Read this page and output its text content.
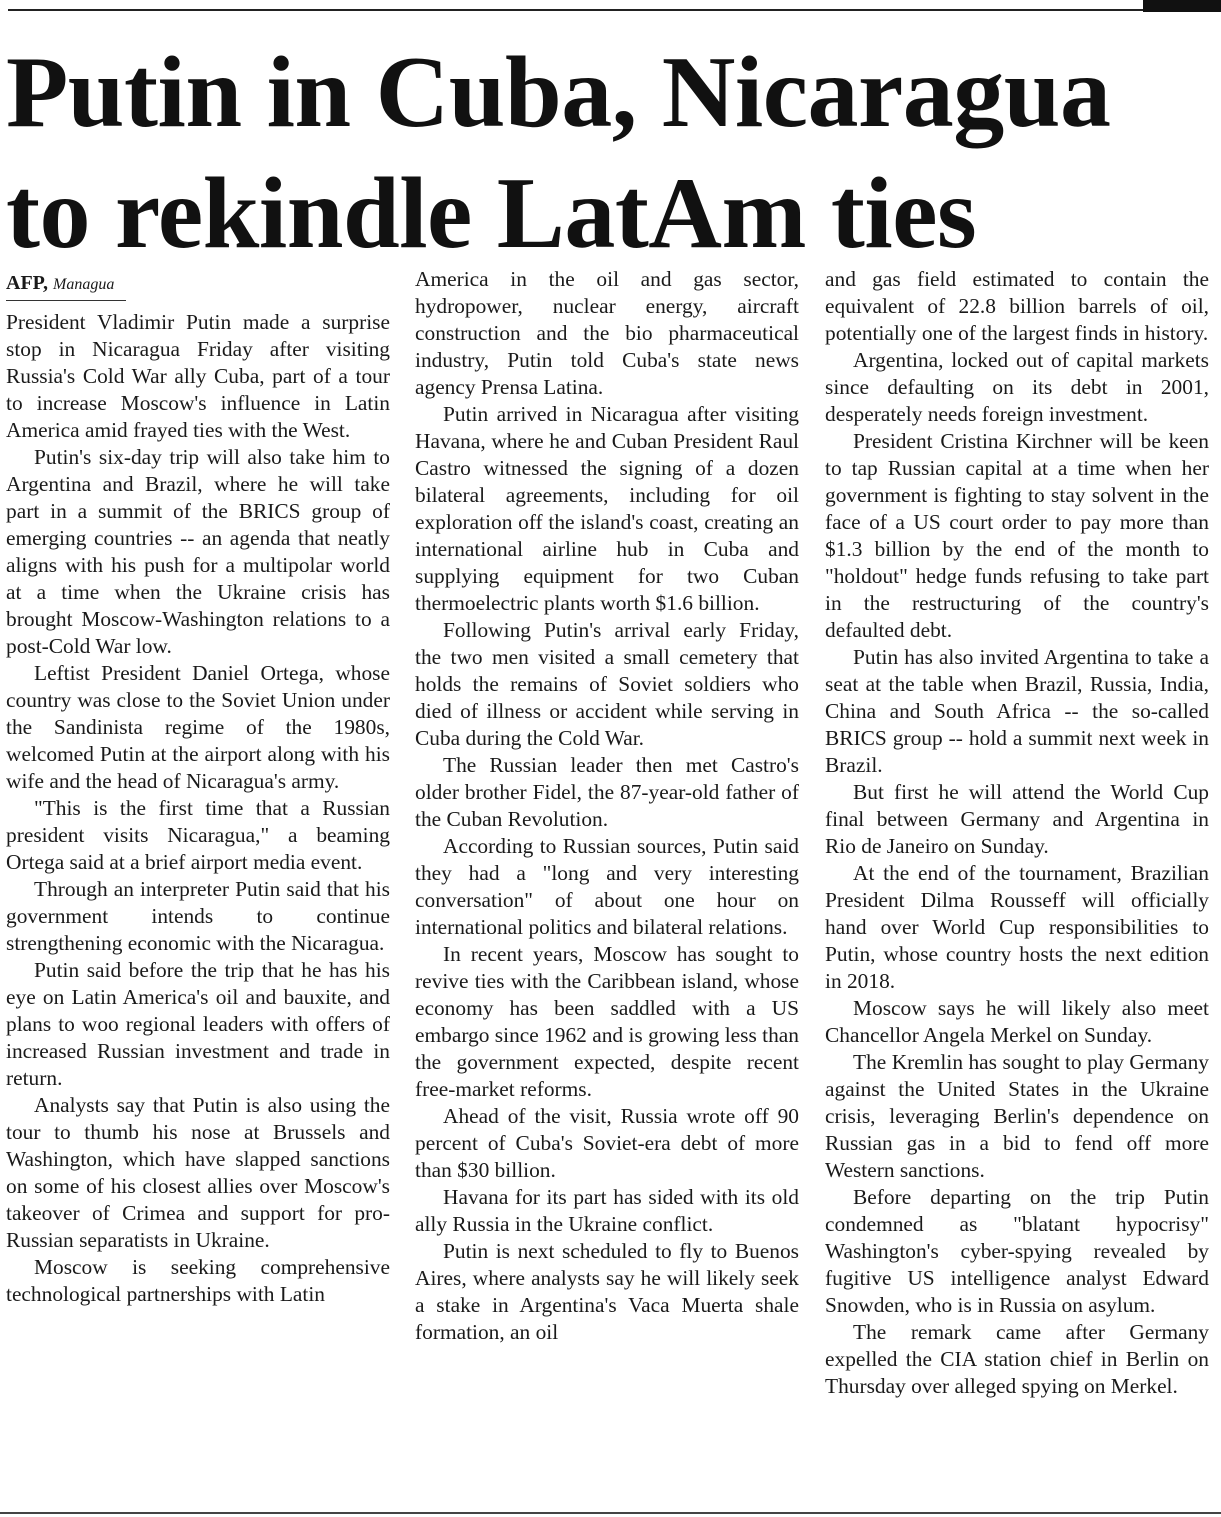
Putin in Cuba, Nicaragua to rekindle LatAm ties
AFP, Managua

President Vladimir Putin made a surprise stop in Nicaragua Friday after visiting Russia's Cold War ally Cuba, part of a tour to increase Moscow's influence in Latin America amid frayed ties with the West.

Putin's six-day trip will also take him to Argentina and Brazil, where he will take part in a summit of the BRICS group of emerging countries -- an agenda that neatly aligns with his push for a multipolar world at a time when the Ukraine crisis has brought Moscow-Washington relations to a post-Cold War low.

Leftist President Daniel Ortega, whose country was close to the Soviet Union under the Sandinista regime of the 1980s, welcomed Putin at the airport along with his wife and the head of Nicaragua's army.

"This is the first time that a Russian president visits Nicaragua," a beaming Ortega said at a brief airport media event.

Through an interpreter Putin said that his government intends to continue strengthening economic with the Nicaragua.

Putin said before the trip that he has his eye on Latin America's oil and bauxite, and plans to woo regional leaders with offers of increased Russian investment and trade in return.

Analysts say that Putin is also using the tour to thumb his nose at Brussels and Washington, which have slapped sanctions on some of his closest allies over Moscow's takeover of Crimea and support for pro-Russian separatists in Ukraine.

Moscow is seeking comprehensive technological partnerships with Latin

America in the oil and gas sector, hydropower, nuclear energy, aircraft construction and the bio pharmaceutical industry, Putin told Cuba's state news agency Prensa Latina.

Putin arrived in Nicaragua after visiting Havana, where he and Cuban President Raul Castro witnessed the signing of a dozen bilateral agreements, including for oil exploration off the island's coast, creating an international airline hub in Cuba and supplying equipment for two Cuban thermoelectric plants worth $1.6 billion.

Following Putin's arrival early Friday, the two men visited a small cemetery that holds the remains of Soviet soldiers who died of illness or accident while serving in Cuba during the Cold War.

The Russian leader then met Castro's older brother Fidel, the 87-year-old father of the Cuban Revolution.

According to Russian sources, Putin said they had a "long and very interesting conversation" of about one hour on international politics and bilateral relations.

In recent years, Moscow has sought to revive ties with the Caribbean island, whose economy has been saddled with a US embargo since 1962 and is growing less than the government expected, despite recent free-market reforms.

Ahead of the visit, Russia wrote off 90 percent of Cuba's Soviet-era debt of more than $30 billion.

Havana for its part has sided with its old ally Russia in the Ukraine conflict.

Putin is next scheduled to fly to Buenos Aires, where analysts say he will likely seek a stake in Argentina's Vaca Muerta shale formation, an oil

and gas field estimated to contain the equivalent of 22.8 billion barrels of oil, potentially one of the largest finds in history.

Argentina, locked out of capital markets since defaulting on its debt in 2001, desperately needs foreign investment.

President Cristina Kirchner will be keen to tap Russian capital at a time when her government is fighting to stay solvent in the face of a US court order to pay more than $1.3 billion by the end of the month to "holdout" hedge funds refusing to take part in the restructuring of the country's defaulted debt.

Putin has also invited Argentina to take a seat at the table when Brazil, Russia, India, China and South Africa -- the so-called BRICS group -- hold a summit next week in Brazil.

But first he will attend the World Cup final between Germany and Argentina in Rio de Janeiro on Sunday.

At the end of the tournament, Brazilian President Dilma Rousseff will officially hand over World Cup responsibilities to Putin, whose country hosts the next edition in 2018.

Moscow says he will likely also meet Chancellor Angela Merkel on Sunday.

The Kremlin has sought to play Germany against the United States in the Ukraine crisis, leveraging Berlin's dependence on Russian gas in a bid to fend off more Western sanctions.

Before departing on the trip Putin condemned as "blatant hypocrisy" Washington's cyber-spying revealed by fugitive US intelligence analyst Edward Snowden, who is in Russia on asylum.

The remark came after Germany expelled the CIA station chief in Berlin on Thursday over alleged spying on Merkel.
